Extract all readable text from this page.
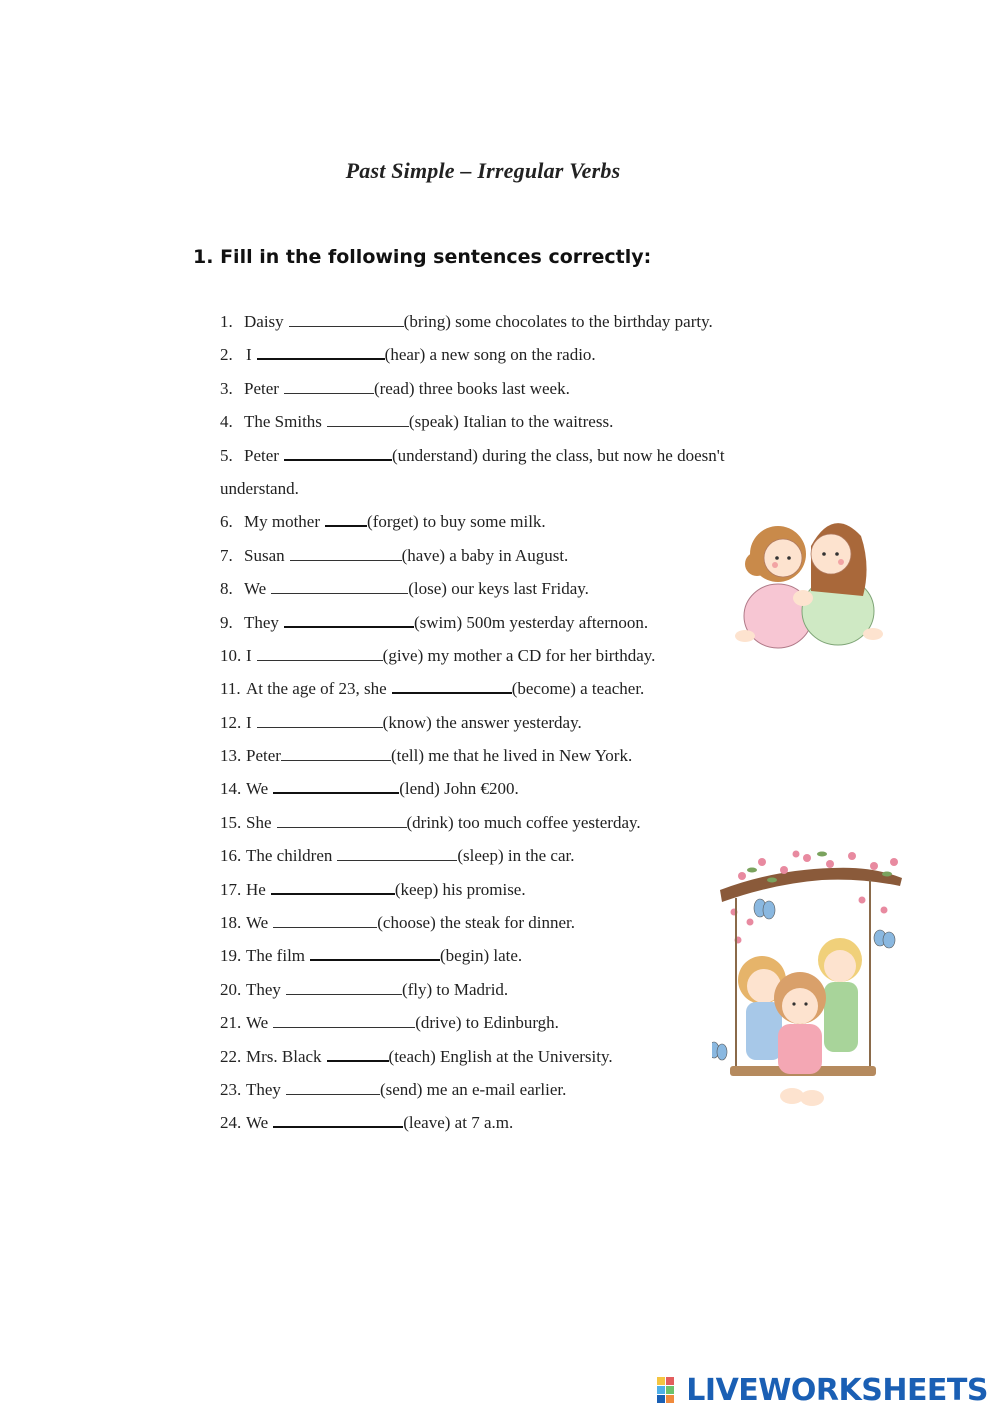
Past Simple – Irregular Verbs
1. Fill in the following sentences correctly:
1. Daisy	(bring) some chocolates to the birthday party.
2. I	(hear) a new song on the radio.
3. Peter	(read) three books last week.
4. The Smiths	(speak) Italian to the waitress.
5. Peter	(understand) during the class, but now he doesn't
understand.
6. My mother	(forget) to buy some milk.
7. Susan	(have) a baby in August.
8. We	(lose) our keys last Friday.
9. They	(swim) 500m yesterday afternoon.
10. I	(give) my mother a CD for her birthday.
11. At the age of 23, she	(become) a teacher.
12. I	(know) the answer yesterday.
13. Peter	(tell) me that he lived in New York.
14. We	(lend) John €200.
15. She	(drink) too much coffee yesterday.
16. The children	(sleep) in the car.
17. He	(keep) his promise.
18. We	(choose) the steak for dinner.
19. The film	(begin) late.
20. They	(fly) to Madrid.
21. We	(drive) to Edinburgh.
22. Mrs. Black	(teach) English at the University.
23. They	(send) me an e-mail earlier.
24. We	(leave) at 7 a.m.
LIVEWORKSHEETS
